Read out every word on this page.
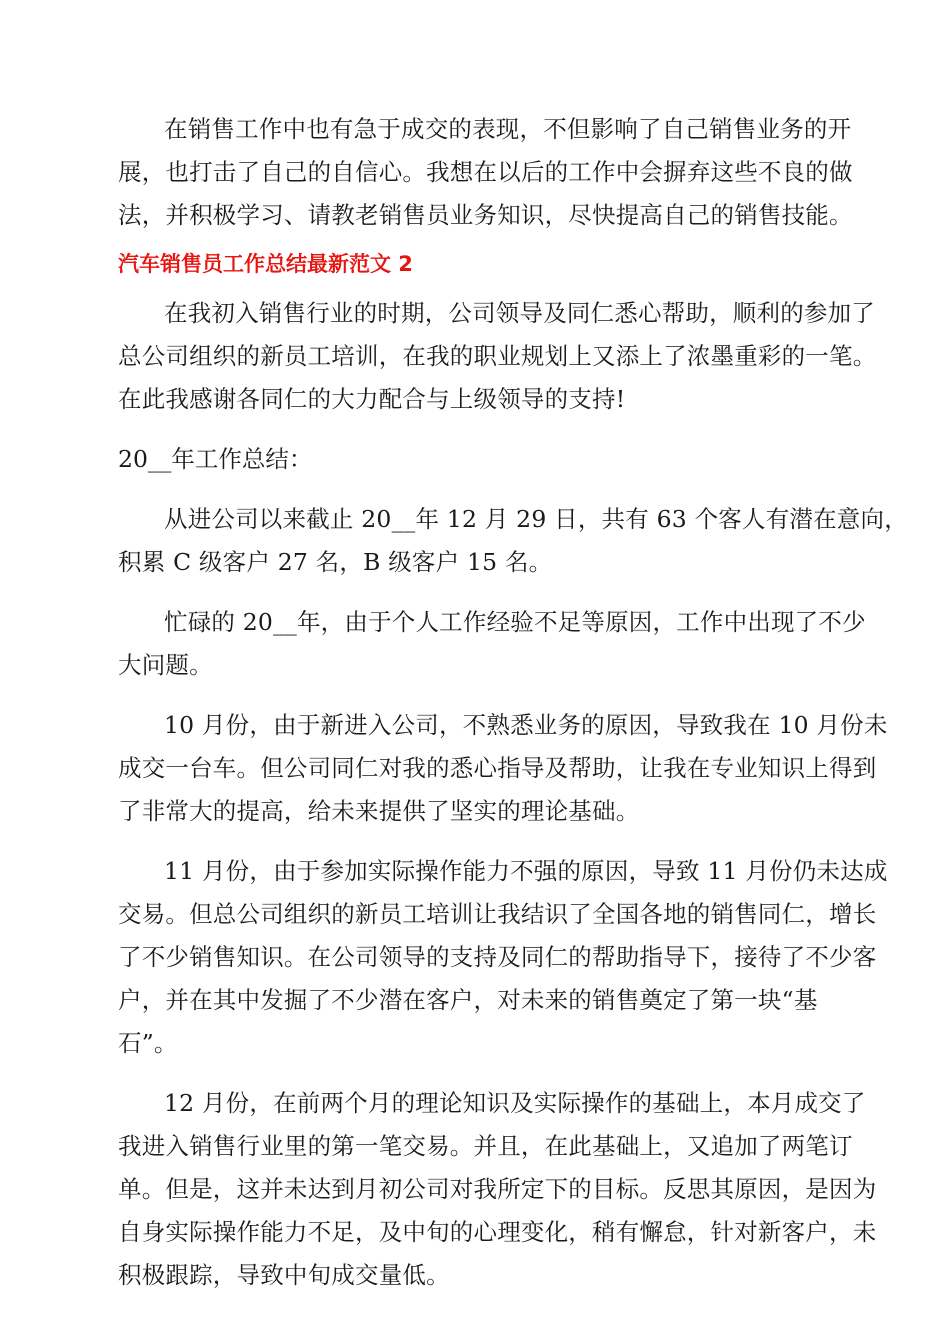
在销售工作中也有急于成交的表现，不但影响了自己销售业务的开
展，也打击了自己的自信心。我想在以后的工作中会摒弃这些不良的做
法，并积极学习、请教老销售员业务知识，尽快提高自己的销售技能。

汽车销售员工作总结最新范文 2

在我初入销售行业的时期，公司领导及同仁悉心帮助，顺利的参加了
总公司组织的新员工培训，在我的职业规划上又添上了浓墨重彩的一笔。
在此我感谢各同仁的大力配合与上级领导的支持!

20__年工作总结：

从进公司以来截止 20__年 12 月 29 日，共有 63 个客人有潜在意向，
积累 C 级客户 27 名，B 级客户 15 名。

忙碌的 20__年，由于个人工作经验不足等原因，工作中出现了不少
大问题。

10 月份，由于新进入公司，不熟悉业务的原因，导致我在 10 月份未
成交一台车。但公司同仁对我的悉心指导及帮助，让我在专业知识上得到
了非常大的提高，给未来提供了坚实的理论基础。

11 月份，由于参加实际操作能力不强的原因，导致 11 月份仍未达成
交易。但总公司组织的新员工培训让我结识了全国各地的销售同仁，增长
了不少销售知识。在公司领导的支持及同仁的帮助指导下，接待了不少客
户，并在其中发掘了不少潜在客户，对未来的销售奠定了第一块“基
石”。

12 月份，在前两个月的理论知识及实际操作的基础上，本月成交了
我进入销售行业里的第一笔交易。并且，在此基础上，又追加了两笔订
单。但是，这并未达到月初公司对我所定下的目标。反思其原因，是因为
自身实际操作能力不足，及中旬的心理变化，稍有懈怠，针对新客户，未
积极跟踪，导致中旬成交量低。
